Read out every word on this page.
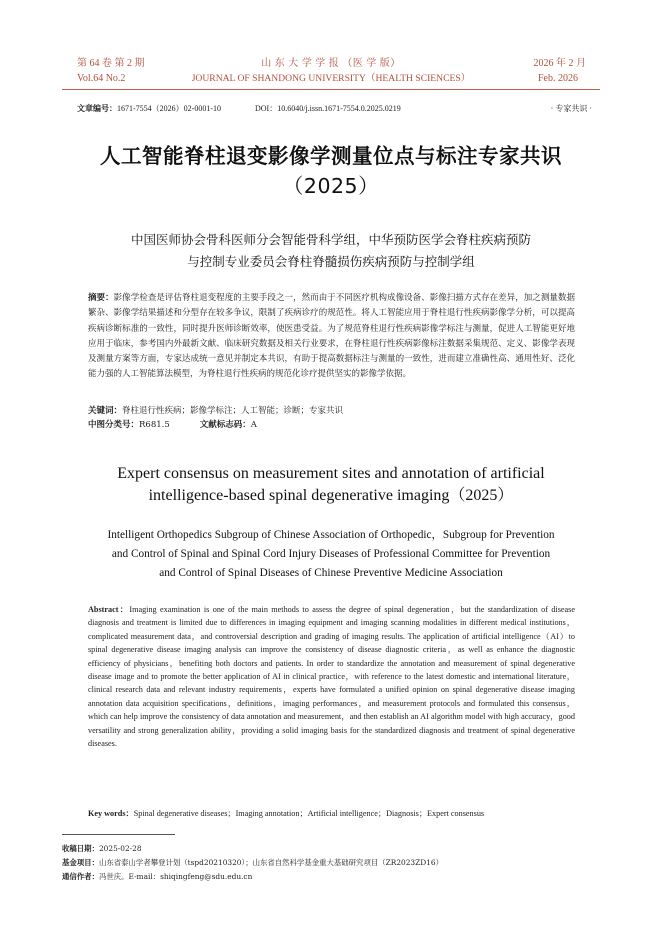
第 64 卷 第 2 期
Vol.64 No.2
山 东 大 学 学 报 （医 学 版）
JOURNAL OF SHANDONG UNIVERSITY（HEALTH SCIENCES）
2026 年 2 月
Feb. 2026
文章编号：1671-7554（2026）02-0001-10	DOI：10.6040/j.issn.1671-7554.0.2025.0219	· 专家共识 ·
人工智能脊柱退变影像学测量位点与标注专家共识
（2025）
中国医师协会骨科医师分会智能骨科学组，中华预防医学会脊柱疾病预防
与控制专业委员会脊柱脊髓损伤疾病预防与控制学组
摘要：影像学检查是评估脊柱退变程度的主要手段之一，然而由于不同医疗机构成像设备、影像扫描方式存在差异，加之测量数据繁杂、影像学结果描述和分型存在较多争议，限制了疾病诊疗的规范性。将人工智能应用于脊柱退行性疾病影像学分析，可以提高疾病诊断标准的一致性，同时提升医师诊断效率，使医患受益。为了规范脊柱退行性疾病影像学标注与测量，促进人工智能更好地应用于临床，参考国内外最新文献、临床研究数据及相关行业要求，在脊柱退行性疾病影像标注数据采集规范、定义、影像学表现及测量方案等方面，专家达成统一意见并制定本共识，有助于提高数据标注与测量的一致性，进而建立准确性高、通用性好、泛化能力强的人工智能算法模型，为脊柱退行性疾病的规范化诊疗提供坚实的影像学依据。
关键词：脊柱退行性疾病；影像学标注；人工智能；诊断；专家共识
中图分类号：R681.5	文献标志码：A
Expert consensus on measurement sites and annotation of artificial
intelligence-based spinal degenerative imaging（2025）
Intelligent Orthopedics Subgroup of Chinese Association of Orthopedic，Subgroup for Prevention
and Control of Spinal and Spinal Cord Injury Diseases of Professional Committee for Prevention
and Control of Spinal Diseases of Chinese Preventive Medicine Association
Abstract：Imaging examination is one of the main methods to assess the degree of spinal degeneration，but the standardization of disease diagnosis and treatment is limited due to differences in imaging equipment and imaging scanning modalities in different medical institutions，complicated measurement data，and controversial description and grading of imaging results. The application of artificial intelligence（AI）to spinal degenerative disease imaging analysis can improve the consistency of disease diagnostic criteria，as well as enhance the diagnostic efficiency of physicians，benefiting both doctors and patients. In order to standardize the annotation and measurement of spinal degenerative disease image and to promote the better application of AI in clinical practice，with reference to the latest domestic and international literature，clinical research data and relevant industry requirements，experts have formulated a unified opinion on spinal degenerative disease imaging annotation data acquisition specifications，definitions，imaging performances，and measurement protocols and formulated this consensus，which can help improve the consistency of data annotation and measurement，and then establish an AI algorithm model with high accuracy，good versatility and strong generalization ability，providing a solid imaging basis for the standardized diagnosis and treatment of spinal degenerative diseases.
Key words：Spinal degenerative diseases；Imaging annotation；Artificial intelligence；Diagnosis；Expert consensus
收稿日期：2025-02-28
基金项目：山东省泰山学者攀登计划（tspd20210320）；山东省自然科学基金重大基础研究项目（ZR2023ZD16）
通信作者：冯世庆。E-mail：shiqingfeng@sdu.edu.cn
